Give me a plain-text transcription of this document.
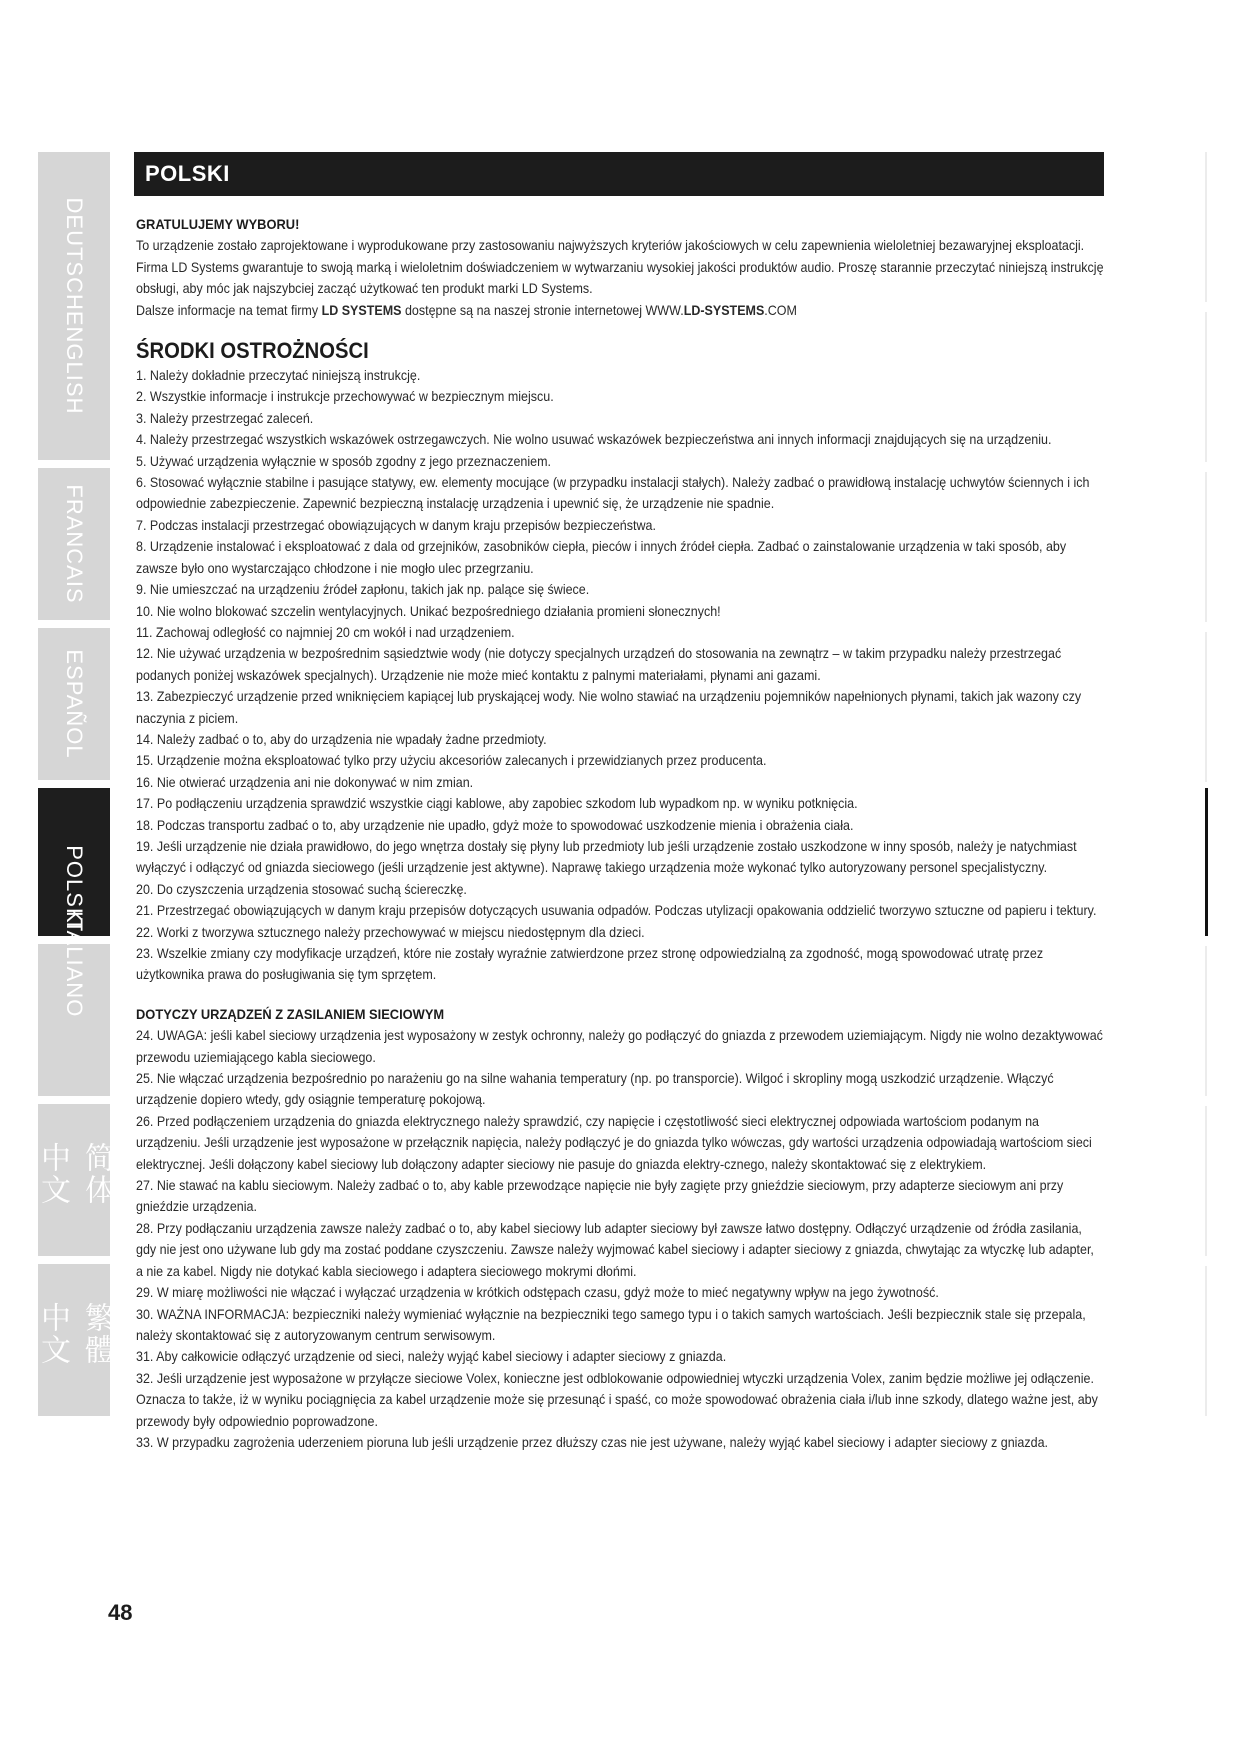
DEUTSCHENGLISH
FRANCAIS
ESPAÑOL
POLSKI
ITALIANO
简体中文
繁體中文
POLSKI

GRATULUJEMY WYBORU!

To urządzenie zostało zaprojektowane i wyprodukowane przy zastosowaniu najwyższych kryteriów jakościowych w celu zapewnienia wieloletniej bezawaryjnej eksploatacji. Firma LD Systems gwarantuje to swoją marką i wieloletnim doświadczeniem w wytwarzaniu wysokiej jakości produktów audio. Proszę starannie przeczytać niniejszą instrukcję obsługi, aby móc jak najszybciej zacząć użytkować ten produkt marki LD Systems.

Dalsze informacje na temat firmy LD SYSTEMS dostępne są na naszej stronie internetowej WWW.LD-SYSTEMS.COM

ŚRODKI OSTROŻNOŚCI

1. Należy dokładnie przeczytać niniejszą instrukcję.

2. Wszystkie informacje i instrukcje przechowywać w bezpiecznym miejscu.

3. Należy przestrzegać zaleceń.

4. Należy przestrzegać wszystkich wskazówek ostrzegawczych. Nie wolno usuwać wskazówek bezpieczeństwa ani innych informacji znajdujących się na urządzeniu.

5. Używać urządzenia wyłącznie w sposób zgodny z jego przeznaczeniem.

6. Stosować wyłącznie stabilne i pasujące statywy, ew. elementy mocujące (w przypadku instalacji stałych). Należy zadbać o prawidłową instalację uchwytów ściennych i ich odpowiednie zabezpieczenie. Zapewnić bezpieczną instalację urządzenia i upewnić się, że urządzenie nie spadnie.

7. Podczas instalacji przestrzegać obowiązujących w danym kraju przepisów bezpieczeństwa.

8. Urządzenie instalować i eksploatować z dala od grzejników, zasobników ciepła, pieców i innych źródeł ciepła. Zadbać o zainstalowanie urządzenia w taki sposób, aby zawsze było ono wystarczająco chłodzone i nie mogło ulec przegrzaniu.

9. Nie umieszczać na urządzeniu źródeł zapłonu, takich jak np. palące się świece.

10. Nie wolno blokować szczelin wentylacyjnych. Unikać bezpośredniego działania promieni słonecznych!

11. Zachowaj odległość co najmniej 20 cm wokół i nad urządzeniem.

12. Nie używać urządzenia w bezpośrednim sąsiedztwie wody (nie dotyczy specjalnych urządzeń do stosowania na zewnątrz – w takim przypadku należy przestrzegać podanych poniżej wskazówek specjalnych). Urządzenie nie może mieć kontaktu z palnymi materiałami, płynami ani gazami.

13. Zabezpieczyć urządzenie przed wniknięciem kapiącej lub pryskającej wody. Nie wolno stawiać na urządzeniu pojemników napełnionych płynami, takich jak wazony czy naczynia z piciem.

14. Należy zadbać o to, aby do urządzenia nie wpadały żadne przedmioty.

15. Urządzenie można eksploatować tylko przy użyciu akcesoriów zalecanych i przewidzianych przez producenta.

16. Nie otwierać urządzenia ani nie dokonywać w nim zmian.

17. Po podłączeniu urządzenia sprawdzić wszystkie ciągi kablowe, aby zapobiec szkodom lub wypadkom np. w wyniku potknięcia.

18. Podczas transportu zadbać o to, aby urządzenie nie upadło, gdyż może to spowodować uszkodzenie mienia i obrażenia ciała.

19. Jeśli urządzenie nie działa prawidłowo, do jego wnętrza dostały się płyny lub przedmioty lub jeśli urządzenie zostało uszkodzone w inny sposób, należy je natychmiast wyłączyć i odłączyć od gniazda sieciowego (jeśli urządzenie jest aktywne). Naprawę takiego urządzenia może wykonać tylko autoryzowany personel specjalistyczny.

20. Do czyszczenia urządzenia stosować suchą ściereczkę.

21. Przestrzegać obowiązujących w danym kraju przepisów dotyczących usuwania odpadów. Podczas utylizacji opakowania oddzielić tworzywo sztuczne od papieru i tektury.

22. Worki z tworzywa sztucznego należy przechowywać w miejscu niedostępnym dla dzieci.

23. Wszelkie zmiany czy modyfikacje urządzeń, które nie zostały wyraźnie zatwierdzone przez stronę odpowiedzialną za zgodność, mogą spowodować utratę przez użytkownika prawa do posługiwania się tym sprzętem.

DOTYCZY URZĄDZEŃ Z ZASILANIEM SIECIOWYM

24. UWAGA: jeśli kabel sieciowy urządzenia jest wyposażony w zestyk ochronny, należy go podłączyć do gniazda z przewodem uziemiającym. Nigdy nie wolno dezaktywować przewodu uziemiającego kabla sieciowego.

25. Nie włączać urządzenia bezpośrednio po narażeniu go na silne wahania temperatury (np. po transporcie). Wilgoć i skropliny mogą uszkodzić urządzenie. Włączyć urządzenie dopiero wtedy, gdy osiągnie temperaturę pokojową.

26. Przed podłączeniem urządzenia do gniazda elektrycznego należy sprawdzić, czy napięcie i częstotliwość sieci elektrycznej odpowiada wartościom podanym na urządzeniu. Jeśli urządzenie jest wyposażone w przełącznik napięcia, należy podłączyć je do gniazda tylko wówczas, gdy wartości urządzenia odpowiadają wartościom sieci elektrycznej. Jeśli dołączony kabel sieciowy lub dołączony adapter sieciowy nie pasuje do gniazda elektry-cznego, należy skontaktować się z elektrykiem.

27. Nie stawać na kablu sieciowym. Należy zadbać o to, aby kable przewodzące napięcie nie były zagięte przy gnieździe sieciowym, przy adapterze sieciowym ani przy gnieździe urządzenia.

28. Przy podłączaniu urządzenia zawsze należy zadbać o to, aby kabel sieciowy lub adapter sieciowy był zawsze łatwo dostępny. Odłączyć urządzenie od źródła zasilania, gdy nie jest ono używane lub gdy ma zostać poddane czyszczeniu. Zawsze należy wyjmować kabel sieciowy i adapter sieciowy z gniazda, chwytając za wtyczkę lub adapter, a nie za kabel. Nigdy nie dotykać kabla sieciowego i adaptera sieciowego mokrymi dłońmi.

29. W miarę możliwości nie włączać i wyłączać urządzenia w krótkich odstępach czasu, gdyż może to mieć negatywny wpływ na jego żywotność.

30. WAŻNA INFORMACJA: bezpieczniki należy wymieniać wyłącznie na bezpieczniki tego samego typu i o takich samych wartościach. Jeśli bezpiecznik stale się przepala, należy skontaktować się z autoryzowanym centrum serwisowym.

31. Aby całkowicie odłączyć urządzenie od sieci, należy wyjąć kabel sieciowy i adapter sieciowy z gniazda.

32. Jeśli urządzenie jest wyposażone w przyłącze sieciowe Volex, konieczne jest odblokowanie odpowiedniej wtyczki urządzenia Volex, zanim będzie możliwe jej odłączenie. Oznacza to także, iż w wyniku pociągnięcia za kabel urządzenie może się przesunąć i spaść, co może spowodować obrażenia ciała i/lub inne szkody, dlatego ważne jest, aby przewody były odpowiednio poprowadzone.

33. W przypadku zagrożenia uderzeniem pioruna lub jeśli urządzenie przez dłuższy czas nie jest używane, należy wyjąć kabel sieciowy i adapter sieciowy z gniazda.

48
